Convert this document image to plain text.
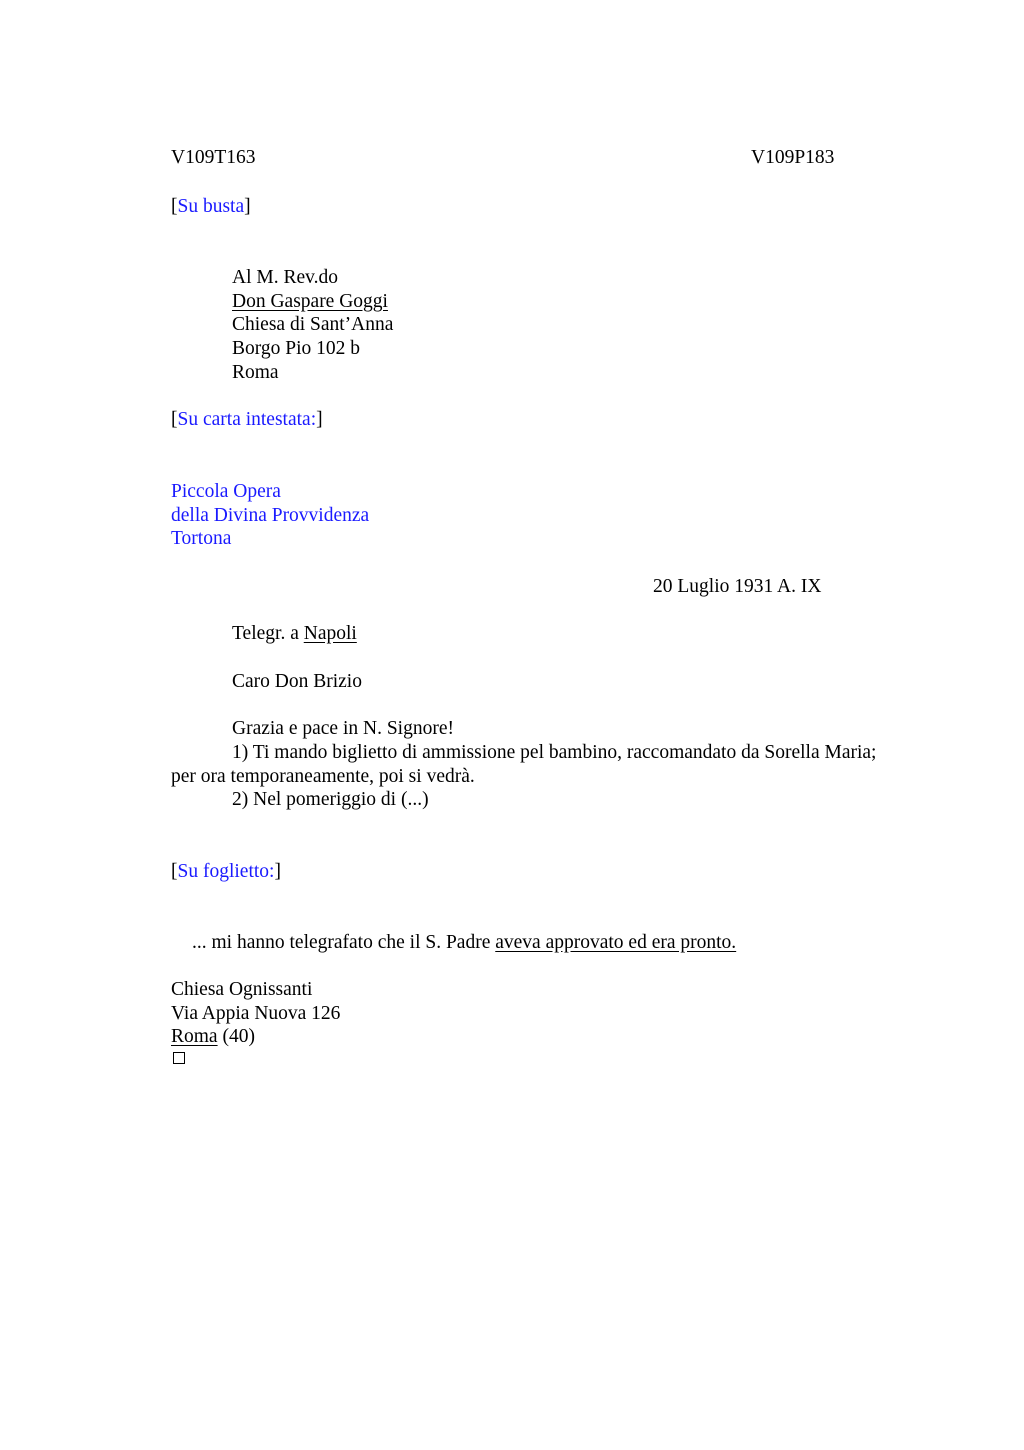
V109T163	V109P183
[Su busta]
Al M. Rev.do
Don Gaspare Goggi
Chiesa di Sant’Anna
Borgo Pio 102 b
Roma
[Su carta intestata:]
Piccola Opera
della Divina Provvidenza
Tortona
20 Luglio 1931 A. IX
Telegr. a Napoli
Caro Don Brizio
Grazia e pace in N. Signore!
1) Ti mando biglietto di ammissione pel bambino, raccomandato da Sorella Maria;
per ora temporaneamente, poi si vedrà.
2) Nel pomeriggio di (...)
[Su foglietto:]
... mi hanno telegrafato che il S. Padre aveva approvato ed era pronto.
Chiesa Ognissanti
Via Appia Nuova 126
Roma (40)
